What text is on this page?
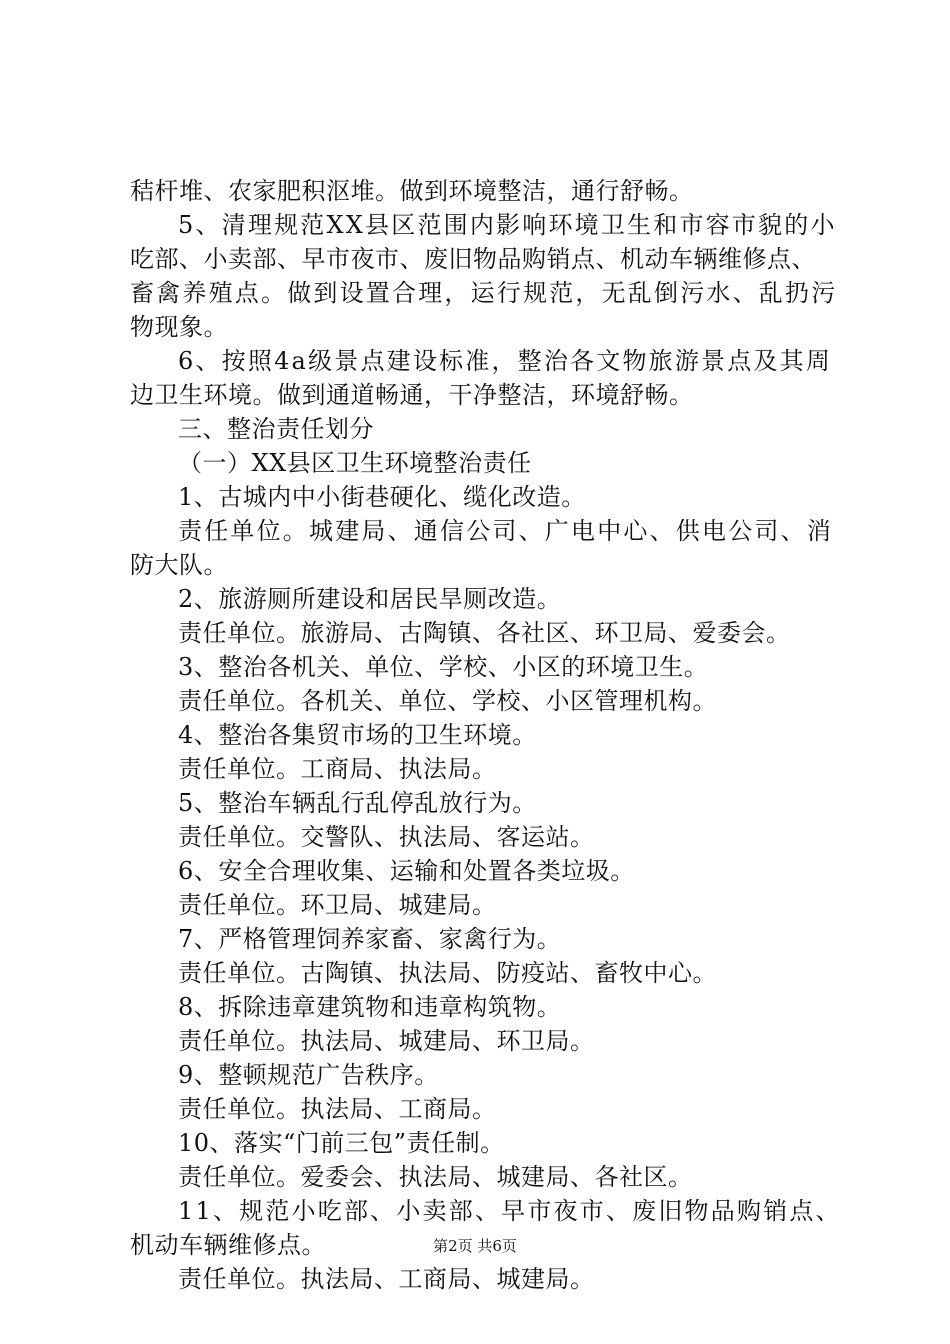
秸杆堆、农家肥积沤堆。做到环境整洁，通行舒畅。
5、清理规范XX县区范围内影响环境卫生和市容市貌的小
吃部、小卖部、早市夜市、废旧物品购销点、机动车辆维修点、
畜禽养殖点。做到设置合理，运行规范，无乱倒污水、乱扔污
物现象。
6、按照4a级景点建设标准，整治各文物旅游景点及其周
边卫生环境。做到通道畅通，干净整洁，环境舒畅。
三、整治责任划分
（一）XX县区卫生环境整治责任
1、古城内中小街巷硬化、缆化改造。
责任单位。城建局、通信公司、广电中心、供电公司、消
防大队。
2、旅游厕所建设和居民旱厕改造。
责任单位。旅游局、古陶镇、各社区、环卫局、爱委会。
3、整治各机关、单位、学校、小区的环境卫生。
责任单位。各机关、单位、学校、小区管理机构。
4、整治各集贸市场的卫生环境。
责任单位。工商局、执法局。
5、整治车辆乱行乱停乱放行为。
责任单位。交警队、执法局、客运站。
6、安全合理收集、运输和处置各类垃圾。
责任单位。环卫局、城建局。
7、严格管理饲养家畜、家禽行为。
责任单位。古陶镇、执法局、防疫站、畜牧中心。
8、拆除违章建筑物和违章构筑物。
责任单位。执法局、城建局、环卫局。
9、整顿规范广告秩序。
责任单位。执法局、工商局。
10、落实“门前三包”责任制。
责任单位。爱委会、执法局、城建局、各社区。
11、规范小吃部、小卖部、早市夜市、废旧物品购销点、
机动车辆维修点。
责任单位。执法局、工商局、城建局。
第2页 共6页
